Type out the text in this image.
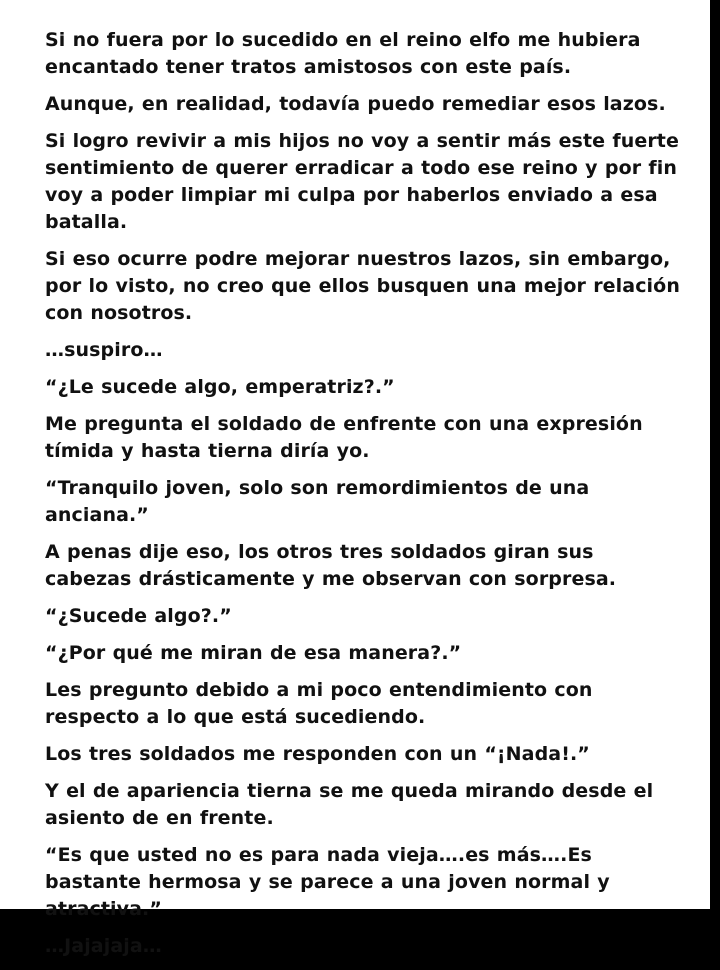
Si no fuera por lo sucedido en el reino elfo me hubiera encantado tener tratos amistosos con este país.

Aunque, en realidad, todavía puedo remediar esos lazos.

Si logro revivir a mis hijos no voy a sentir más este fuerte sentimiento de querer erradicar a todo ese reino y por fin voy a poder limpiar mi culpa por haberlos enviado a esa batalla.

Si eso ocurre podre mejorar nuestros lazos, sin embargo, por lo visto, no creo que ellos busquen una mejor relación con nosotros.

…suspiro…

“¿Le sucede algo, emperatriz?.”

Me pregunta el soldado de enfrente con una expresión tímida y hasta tierna diría yo.

“Tranquilo joven, solo son remordimientos de una anciana.”

A penas dije eso, los otros tres soldados giran sus cabezas drásticamente y me observan con sorpresa.

“¿Sucede algo?.”

“¿Por qué me miran de esa manera?.”

Les pregunto debido a mi poco entendimiento con respecto a lo que está sucediendo.

Los tres soldados me responden con un “¡Nada!.”

Y el de apariencia tierna se me queda mirando desde el asiento de en frente.

“Es que usted no es para nada vieja….es más….Es bastante hermosa y se parece a una joven normal y atractiva.”

…Jajajaja…
